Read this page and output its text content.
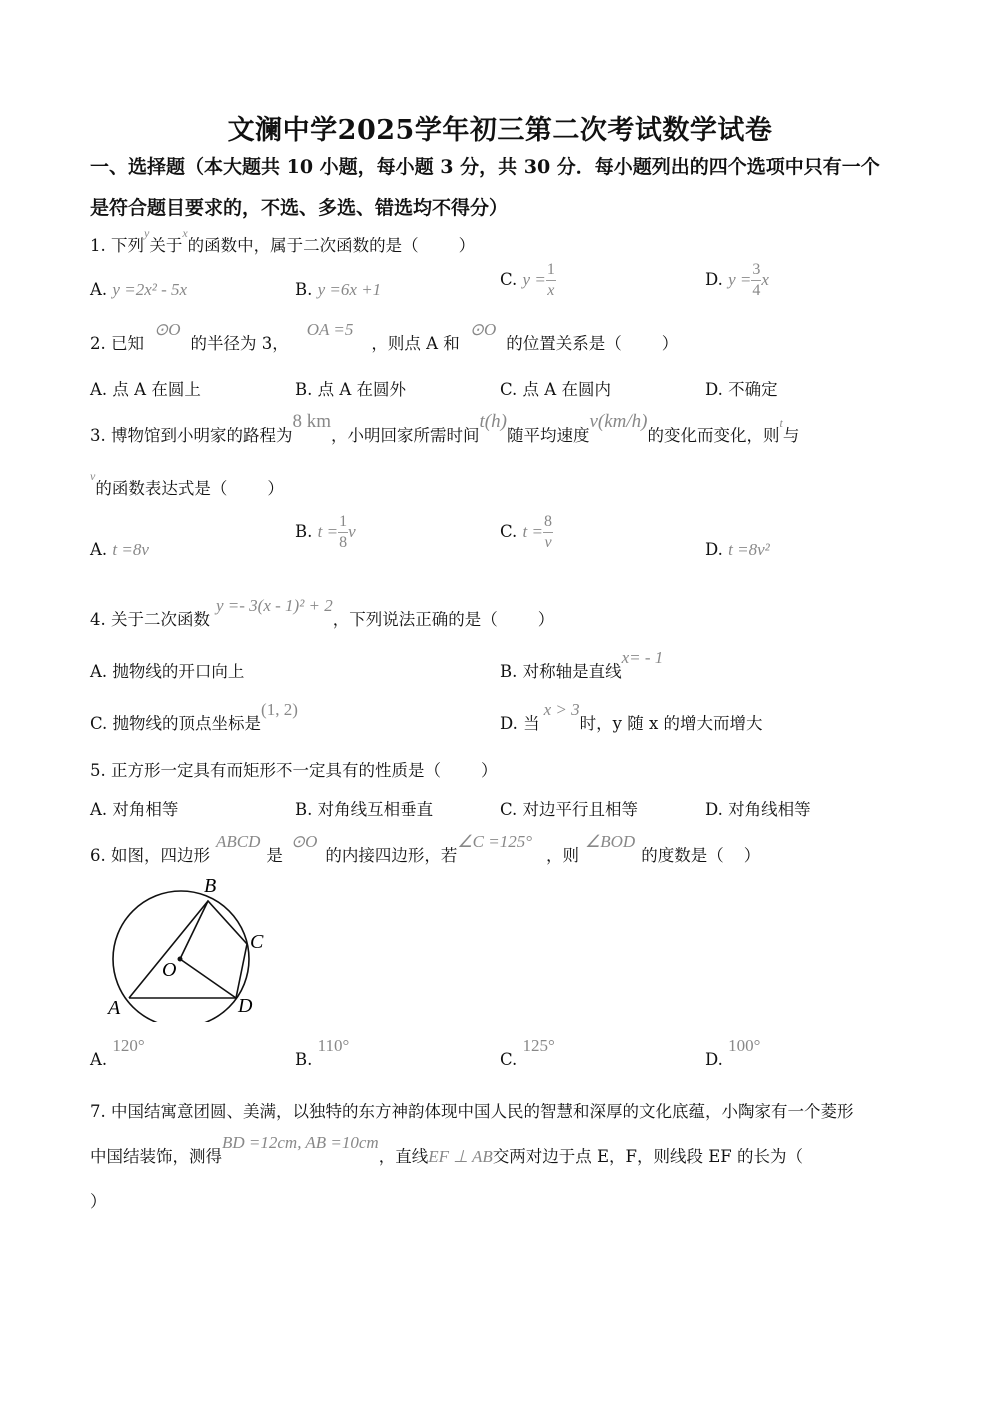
文澜中学2025学年初三第二次考试数学试卷
一、选择题（本大题共 10 小题，每小题 3 分，共 30 分．每小题列出的四个选项中只有一个
是符合题目要求的，不选、多选、错选均不得分）
1. 下列$^y$关于$^x$的函数中，属于二次函数的是（ ）
A. y =2x² - 5x	B. y =6x +1
C. $y = \frac{1}{x}$	D. $y = \frac{3}{4}$ x
2. 已知⊙O的半径为 3，OA =5，则点 A 和⊙O的位置关系是（ ）
A. 点 A 在圆上	B. 点 A 在圆外	C. 点 A 在圆内	D. 不确定
3. 博物馆到小明家的路程为8 km，小明回家所需时间t(h)随平均速度v(km/h)的变化而变化，则$^t$与
$^v$的函数表达式是（ ）
A. t =8v
B. $t = \frac{1}{8}$ v	C. $t = \frac{8}{v}$	D. t =8v²
4. 关于二次函数y =- 3(x - 1)² + 2，下列说法正确的是（ ）
A. 抛物线的开口向上	B. 对称轴是直线x= - 1
C. 抛物线的顶点坐标是(1, 2)
D. 当x > 3时，y 随 x 的增大而增大
5. 正方形一定具有而矩形不一定具有的性质是（ ）
A. 对角相等	B. 对角线互相垂直	C. 对边平行且相等	D. 对角线相等
6. 如图，四边形ABCD是⊙O的内接四边形，若∠C =125°，则∠BOD的度数是（ ）
B
C
O
A	D
A. 120°
B. 110°
C. 125°
D. 100°
7. 中国结寓意团圆、美满，以独特的东方神韵体现中国人民的智慧和深厚的文化底蕴，小陶家有一个菱形
中国结装饰，测得BD =12cm, AB =10cm，直线EF ⊥ AB交两对边于点 E，F，则线段 EF 的长为（
）
